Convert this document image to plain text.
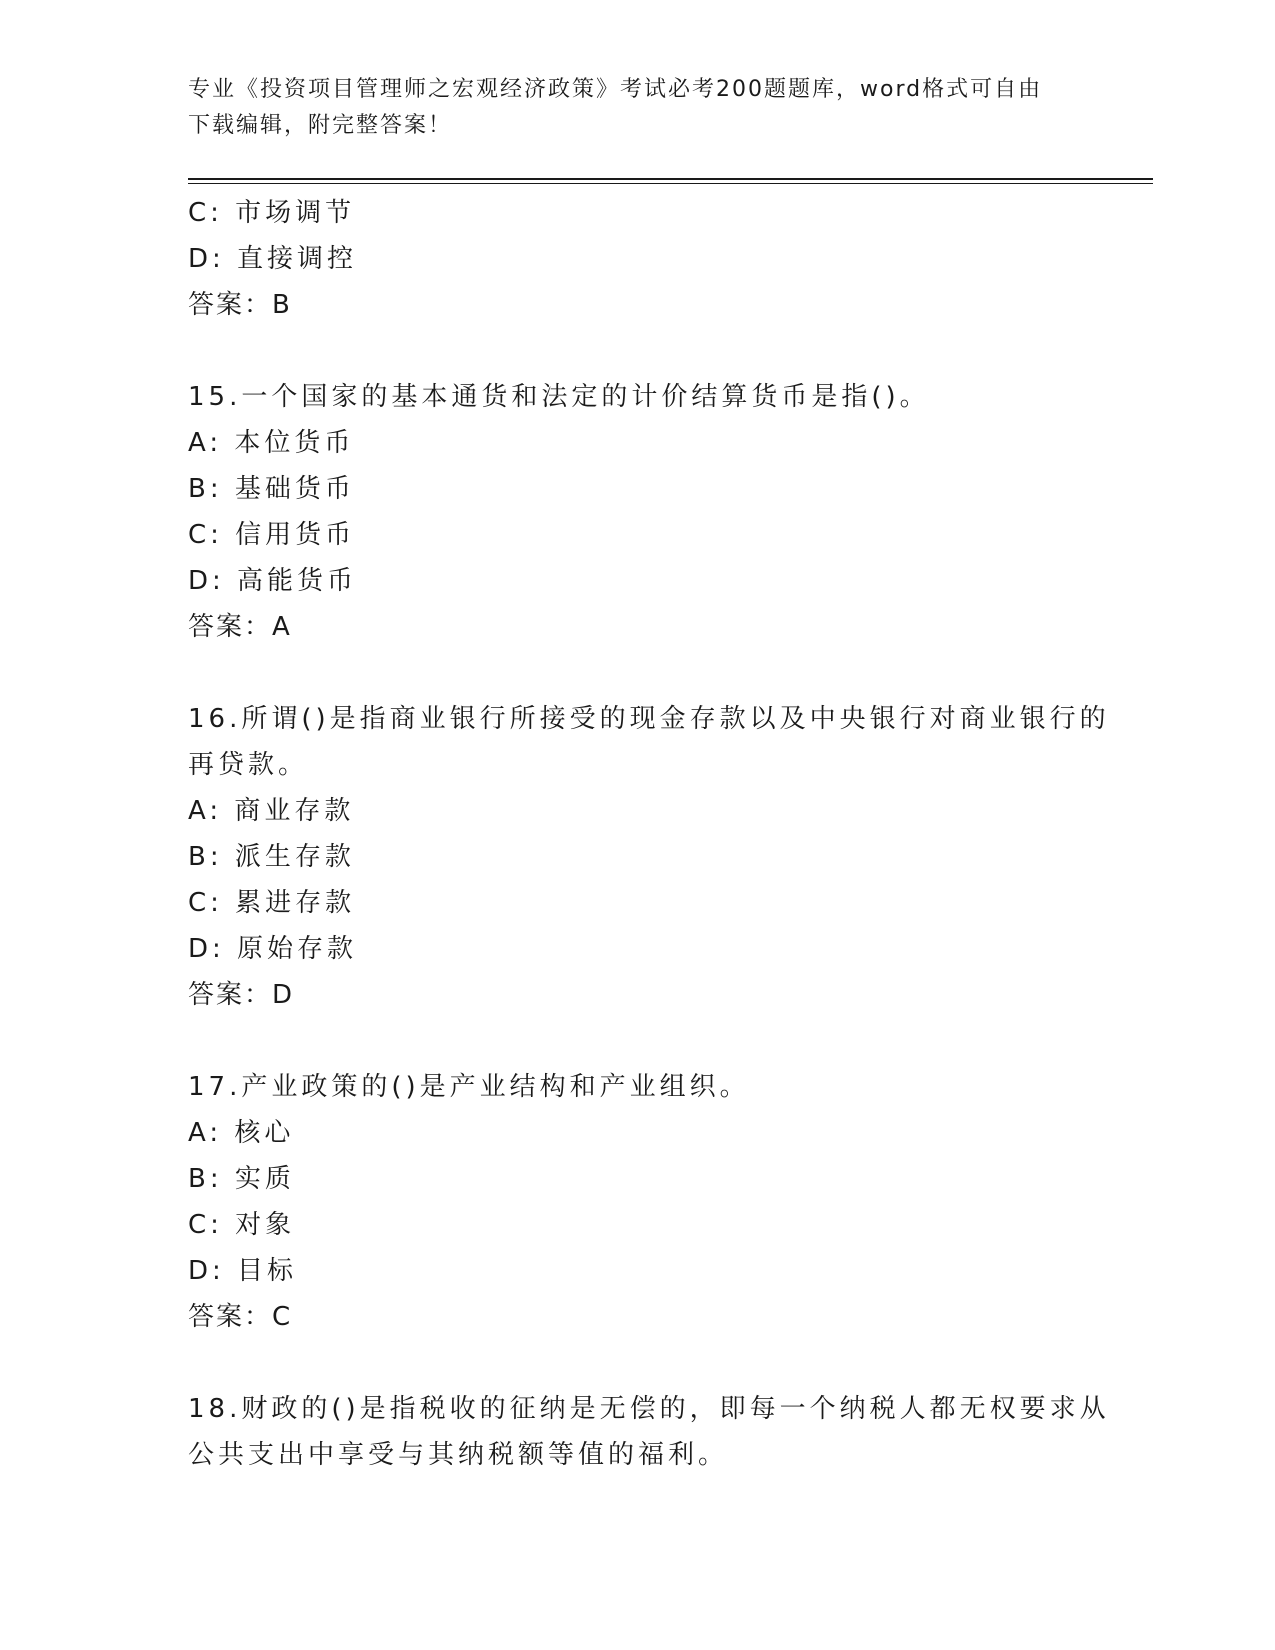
专业《投资项目管理师之宏观经济政策》考试必考200题题库，word格式可自由
下载编辑，附完整答案！
C: 市场调节
D: 直接调控
答案：B
15.一个国家的基本通货和法定的计价结算货币是指()。
A: 本位货币
B: 基础货币
C: 信用货币
D: 高能货币
答案：A
16.所谓()是指商业银行所接受的现金存款以及中央银行对商业银行的
再贷款。
A: 商业存款
B: 派生存款
C: 累进存款
D: 原始存款
答案：D
17.产业政策的()是产业结构和产业组织。
A: 核心
B: 实质
C: 对象
D: 目标
答案：C
18.财政的()是指税收的征纳是无偿的，即每一个纳税人都无权要求从
公共支出中享受与其纳税额等值的福利。
